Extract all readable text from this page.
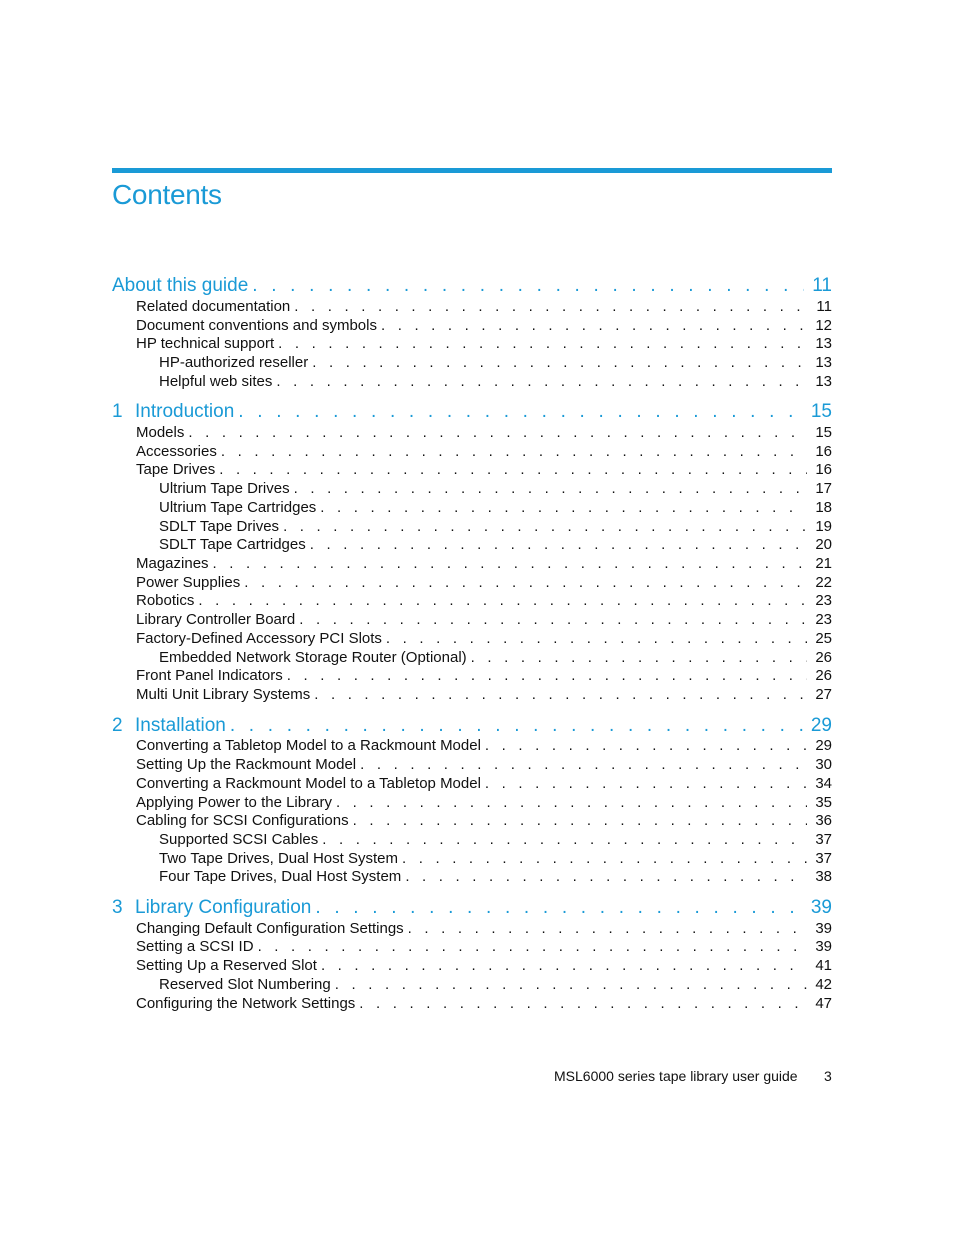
Contents
About this guide . . .	11
Related documentation . . .	11
Document conventions and symbols . . .	12
HP technical support . . .	13
HP-authorized reseller . . .	13
Helpful web sites . . .	13
1 Introduction . . .	15
Models . . .	15
Accessories . . .	16
Tape Drives . . .	16
Ultrium Tape Drives . . .	17
Ultrium Tape Cartridges . . .	18
SDLT Tape Drives . . .	19
SDLT Tape Cartridges . . .	20
Magazines . . .	21
Power Supplies . . .	22
Robotics . . .	23
Library Controller Board . . .	23
Factory-Defined Accessory PCI Slots . . .	25
Embedded Network Storage Router (Optional) . . .	26
Front Panel Indicators . . .	26
Multi Unit Library Systems . . .	27
2 Installation . . .	29
Converting a Tabletop Model to a Rackmount Model . . .	29
Setting Up the Rackmount Model . . .	30
Converting a Rackmount Model to a Tabletop Model . . .	34
Applying Power to the Library . . .	35
Cabling for SCSI Configurations . . .	36
Supported SCSI Cables . . .	37
Two Tape Drives, Dual Host System . . .	37
Four Tape Drives, Dual Host System . . .	38
3 Library Configuration . . .	39
Changing Default Configuration Settings . . .	39
Setting a SCSI ID . . .	39
Setting Up a Reserved Slot . . .	41
Reserved Slot Numbering . . .	42
Configuring the Network Settings . . .	47
MSL6000 series tape library user guide 3
